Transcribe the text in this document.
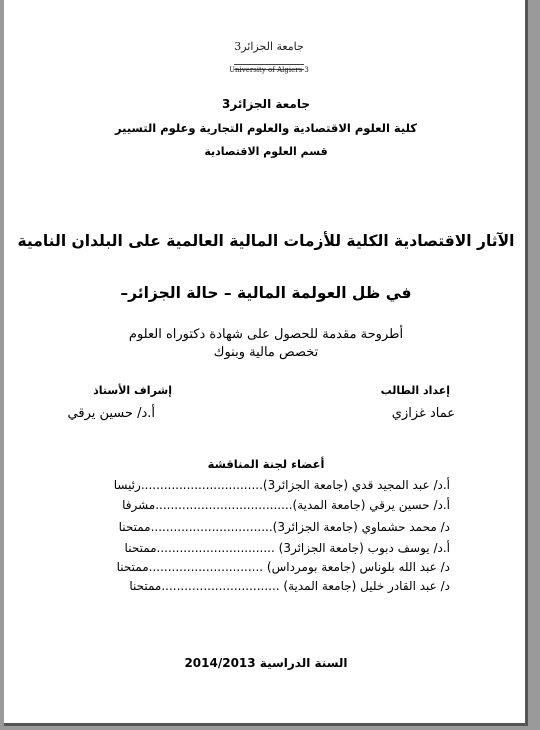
جامعة الجزائر3
University of Algiers 3
جامعة الجزائر3
كلية العلوم الاقتصادية والعلوم التجارية وعلوم التسيير
قسم العلوم الاقتصادية
الآثار الاقتصادية الكلية للأزمات المالية العالمية على البلدان النامية
في ظل العولمة المالية – حالة الجزائر–
أطروحة مقدمة للحصول على شهادة دكتوراه العلوم
تخصص مالية وبنوك
إعداد الطالب
إشراف الأستاذ
عماد غزازي
أ.د/ حسين يرقي
أعضاء لجنة المناقشة
أ.د/ عبد المجيد قدي (جامعة الجزائر3)................................رئيسا
أ.د/ حسين يرقي (جامعة المدية)....................................مشرفا
د/ محمد حشماوي (جامعة الجزائر3)................................ممتحنا
أ.د/ يوسف دبوب (جامعة الجزائر3) ...............................ممتحنا
د/ عبد الله بلوناس (جامعة بومرداس) ..............................ممتحنا
د/ عبد القادر خليل (جامعة المدية) ...............................ممتحنا
السنة الدراسية 2014/2013
